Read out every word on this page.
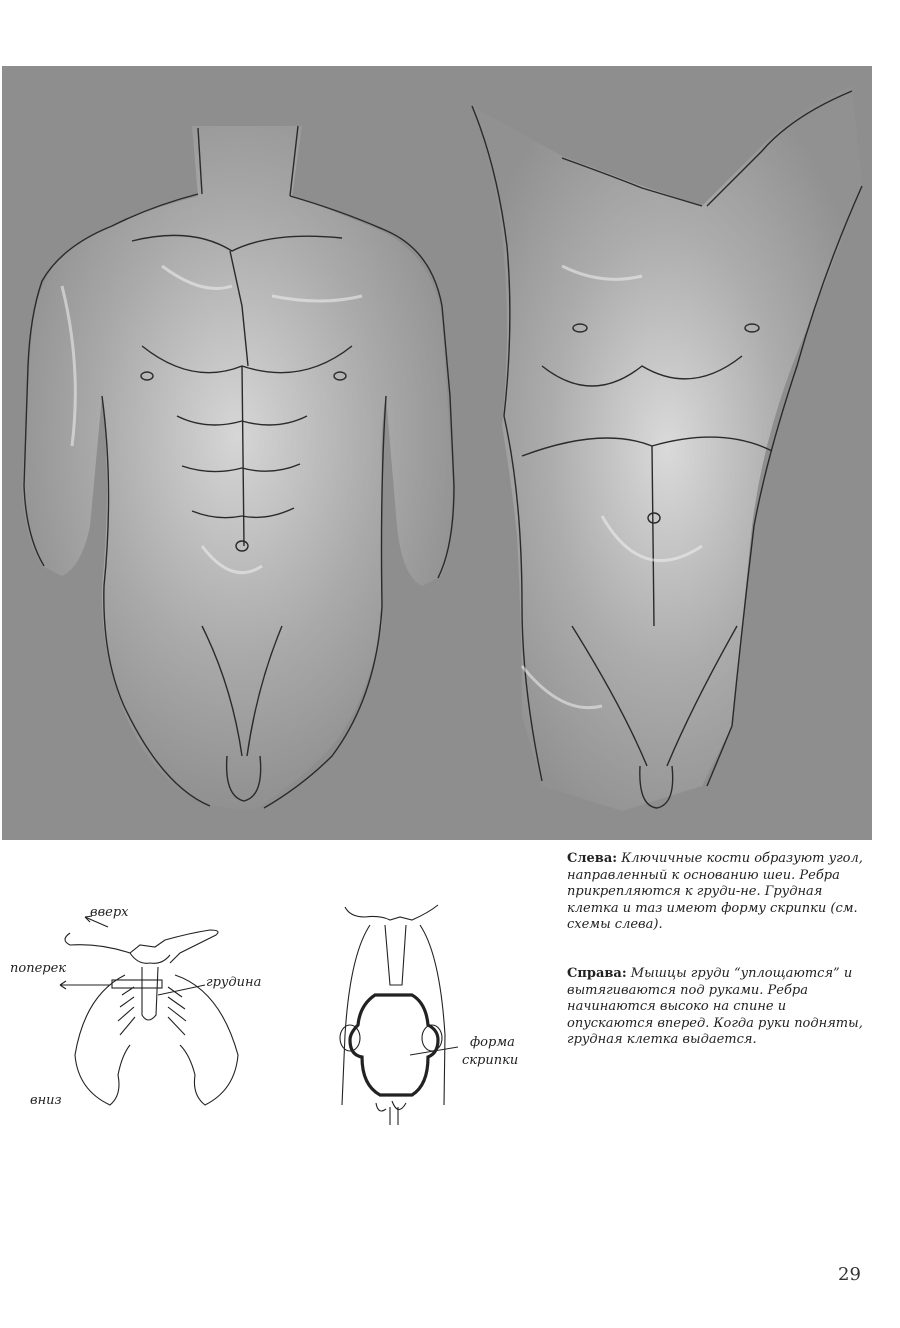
вверх
поперек
грудина
вниз
форма
скрипки
Слева: Ключичные кости образуют угол, направленный к основанию шеи. Ребра прикрепляются к груди-не. Грудная клетка и таз имеют форму скрипки (см. схемы слева).
Справа: Мышцы груди “уплощаются” и вытягиваются под руками. Ребра начинаются высоко на спине и опускаются вперед. Когда руки подняты, грудная клетка выдается.
29
